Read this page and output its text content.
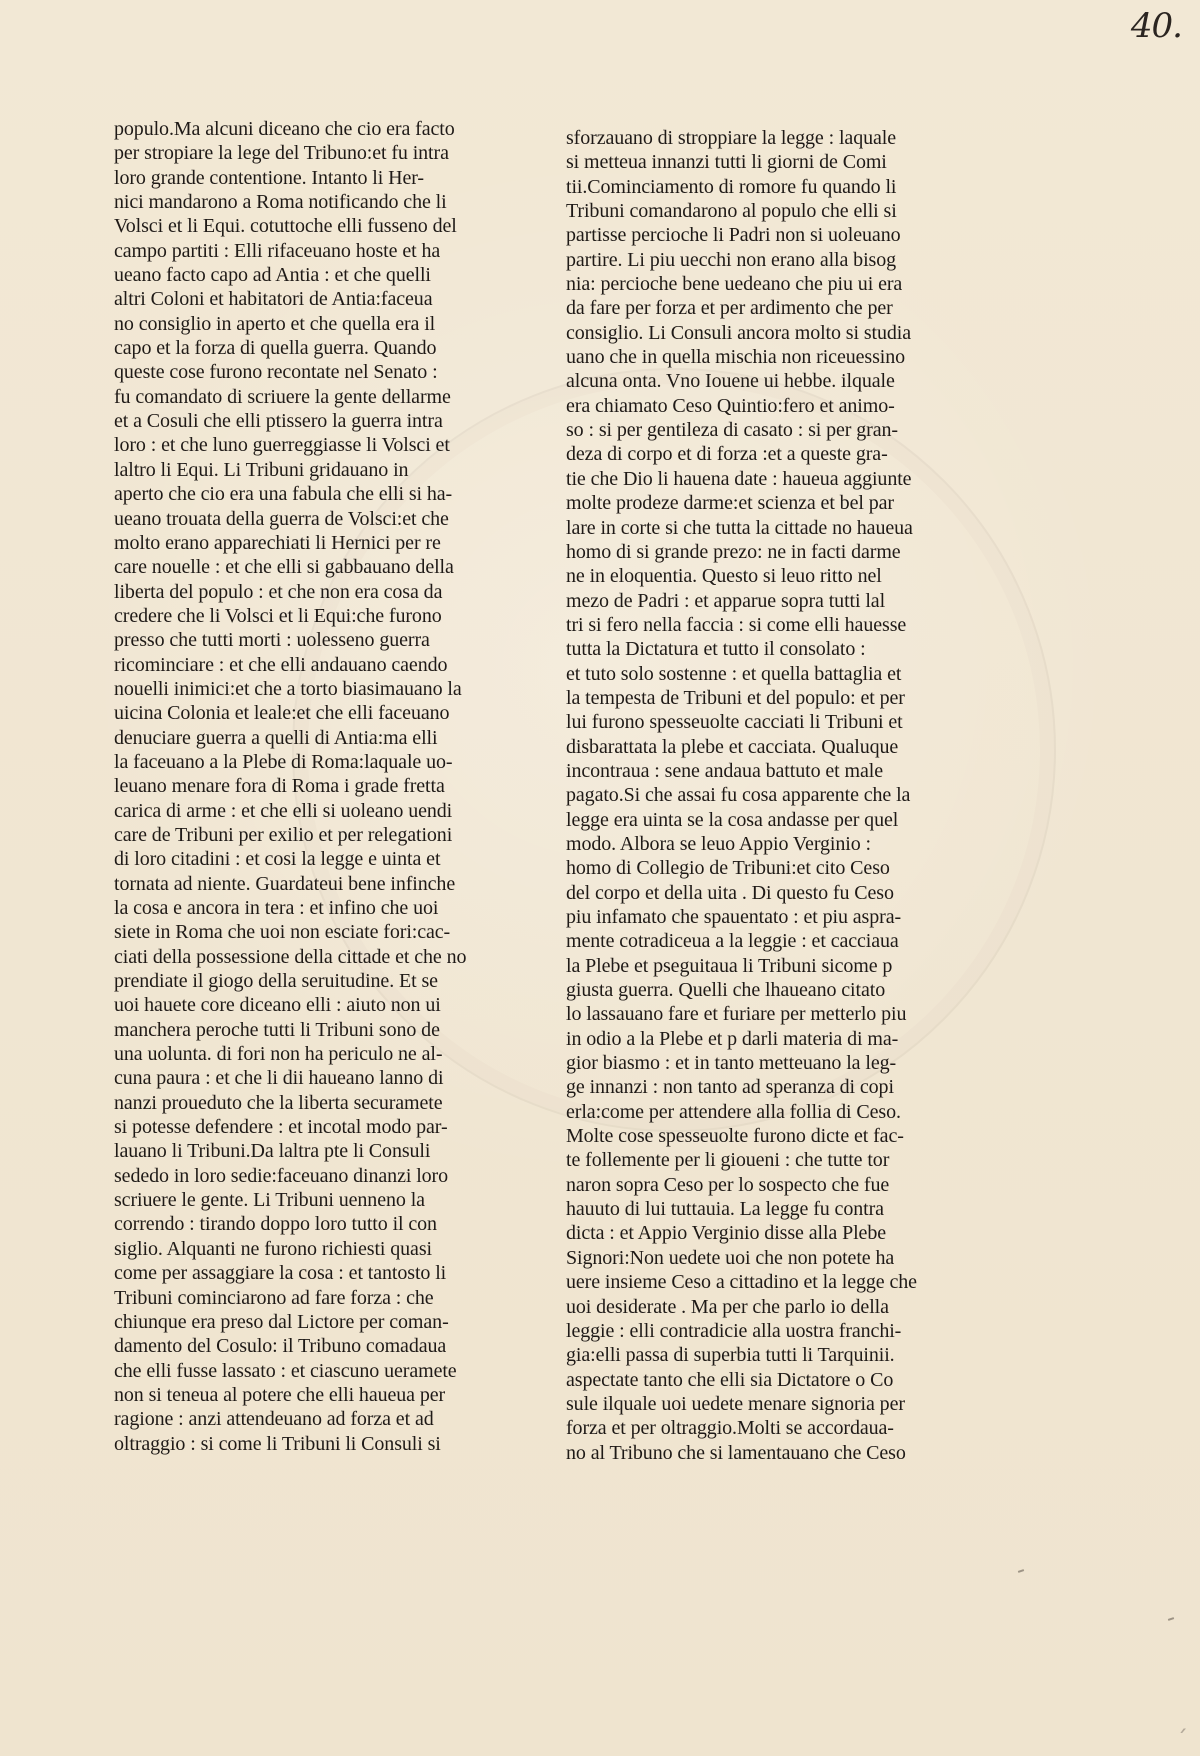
40.
populo.Ma alcuni diceano che cio era facto
per stropiare la lege del Tribuno:et fu intra
loro grande contentione. Intanto li Her-
nici mandarono a Roma notificando che li
Volsci et li Equi. cotuttoche elli fusseno del
campo partiti : Elli rifaceuano hoste et ha
ueano facto capo ad Antia : et che quelli
altri Coloni et habitatori de Antia:faceua
no consiglio in aperto et che quella era il
capo et la forza di quella guerra. Quando
queste cose furono recontate nel Senato :
fu comandato di scriuere la gente dellarme
et a Cosuli che elli ptissero la guerra intra
loro : et che luno guerreggiasse li Volsci et
laltro li Equi. Li Tribuni gridauano in
aperto che cio era una fabula che elli si ha-
ueano trouata della guerra de Volsci:et che
molto erano apparechiati li Hernici per re
care nouelle : et che elli si gabbauano della
liberta del populo : et che non era cosa da
credere che li Volsci et li Equi:che furono
presso che tutti morti : uolesseno guerra
ricominciare : et che elli andauano caendo
nouelli inimici:et che a torto biasimauano la
uicina Colonia et leale:et che elli faceuano
denuciare guerra a quelli di Antia:ma elli
la faceuano a la Plebe di Roma:laquale uo-
leuano menare fora di Roma i grade fretta
carica di arme : et che elli si uoleano uendi
care de Tribuni per exilio et per relegationi
di loro citadini : et cosi la legge e uinta et
tornata ad niente. Guardateui bene infinche
la cosa e ancora in tera : et infino che uoi
siete in Roma che uoi non esciate fori:cac-
ciati della possessione della cittade et che no
prendiate il giogo della seruitudine. Et se
uoi hauete core diceano elli : aiuto non ui
manchera peroche tutti li Tribuni sono de
una uolunta. di fori non ha periculo ne al-
cuna paura : et che li dii haueano lanno di
nanzi proueduto che la liberta securamete
si potesse defendere : et incotal modo par-
lauano li Tribuni.Da laltra pte li Consuli
sededo in loro sedie:faceuano dinanzi loro
scriuere le gente. Li Tribuni uenneno la
correndo : tirando doppo loro tutto il con
siglio. Alquanti ne furono richiesti quasi
come per assaggiare la cosa : et tantosto li
Tribuni cominciarono ad fare forza : che
chiunque era preso dal Lictore per coman-
damento del Cosulo: il Tribuno comadaua
che elli fusse lassato : et ciascuno ueramete
non si teneua al potere che elli haueua per
ragione : anzi attendeuano ad forza et ad
oltraggio : si come li Tribuni li Consuli si
sforzauano di stroppiare la legge : laquale
si metteua innanzi tutti li giorni de Comi
tii.Cominciamento di romore fu quando li
Tribuni comandarono al populo che elli si
partisse percioche li Padri non si uoleuano
partire. Li piu uecchi non erano alla bisog
nia: percioche bene uedeano che piu ui era
da fare per forza et per ardimento che per
consiglio. Li Consuli ancora molto si studia
uano che in quella mischia non riceuessino
alcuna onta. Vno Iouene ui hebbe. ilquale
era chiamato Ceso Quintio:fero et animo-
so : si per gentileza di casato : si per gran-
deza di corpo et di forza :et a queste gra-
tie che Dio li hauena date : haueua aggiunte
molte prodeze darme:et scienza et bel par
lare in corte si che tutta la cittade no haueua
homo di si grande prezo: ne in facti darme
ne in eloquentia. Questo si leuo ritto nel
mezo de Padri : et apparue sopra tutti lal
tri si fero nella faccia : si come elli hauesse
tutta la Dictatura et tutto il consolato :
et tuto solo sostenne : et quella battaglia et
la tempesta de Tribuni et del populo: et per
lui furono spesseuolte cacciati li Tribuni et
disbarattata la plebe et cacciata. Qualuque
incontraua : sene andaua battuto et male
pagato.Si che assai fu cosa apparente che la
legge era uinta se la cosa andasse per quel
modo. Albora se leuo Appio Verginio :
homo di Collegio de Tribuni:et cito Ceso
del corpo et della uita . Di questo fu Ceso
piu infamato che spauentato : et piu aspra-
mente cotradiceua a la leggie : et cacciaua
la Plebe et pseguitaua li Tribuni sicome p
giusta guerra. Quelli che lhaueano citato
lo lassauano fare et furiare per metterlo piu
in odio a la Plebe et p darli materia di ma-
gior biasmo : et in tanto metteuano la leg-
ge innanzi : non tanto ad speranza di copi
erla:come per attendere alla follia di Ceso.
Molte cose spesseuolte furono dicte et fac-
te follemente per li gioueni : che tutte tor
naron sopra Ceso per lo sospecto che fue
hauuto di lui tuttauia. La legge fu contra
dicta : et Appio Verginio disse alla Plebe
Signori:Non uedete uoi che non potete ha
uere insieme Ceso a cittadino et la legge che
uoi desiderate . Ma per che parlo io della
leggie : elli contradicie alla uostra franchi-
gia:elli passa di superbia tutti li Tarquinii.
aspectate tanto che elli sia Dictatore o Co
sule ilquale uoi uedete menare signoria per
forza et per oltraggio.Molti se accordaua-
no al Tribuno che si lamentauano che Ceso
ˊ
